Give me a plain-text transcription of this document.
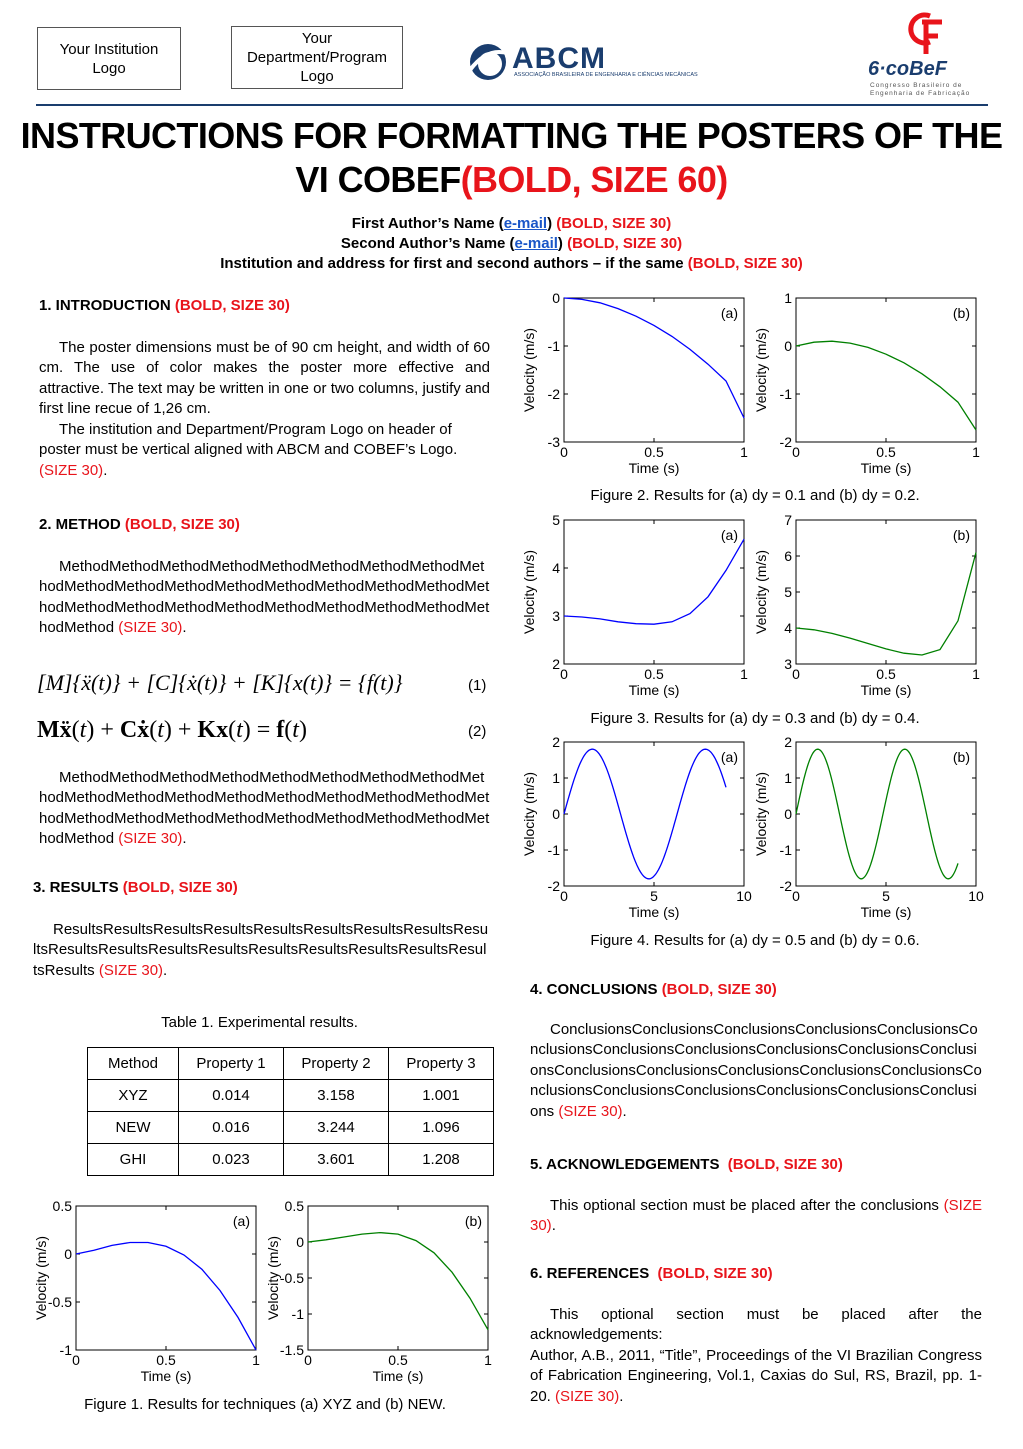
Your Institution Logo
Your Department/Program Logo
ABCM
ASSOCIAÇÃO BRASILEIRA DE ENGENHARIA E CIÊNCIAS MECÂNICAS	6·coBeF
Congresso Brasileiro de
Engenharia de Fabricação
INSTRUCTIONS FOR FORMATTING THE POSTERS OF THE
VI COBEF(BOLD, SIZE 60)
First Author’s Name (e-mail) (BOLD, SIZE 30)
Second Author’s Name (e-mail) (BOLD, SIZE 30)
Institution and address for first and second authors – if the same (BOLD, SIZE 30)
1. INTRODUCTION (BOLD, SIZE 30)
The poster dimensions must be of 90 cm height, and width of 60 cm. The use of color makes the poster more effective and attractive. The text may be written in one or two columns, justify and first line recue of 1,26 cm.
The institution and Department/Program Logo on header of poster must be vertical aligned with ABCM and COBEF’s Logo. (SIZE 30).
2. METHOD (BOLD, SIZE 30)
MethodMethodMethodMethodMethodMethodMethodMethodMethodMethodMethodMethodMethodMethodMethodMethodMethodMethodMethodMethodMethodMethodMethodMethodMethodMethodMethodMethod (SIZE 30).
[M]{ẍ(t)} + [C]{ẋ(t)} + [K]{x(t)} = {f(t)}	(1)
Mẍ(t) + Cẋ(t) + Kx(t) = f(t)	(2)
MethodMethodMethodMethodMethodMethodMethodMethodMethodMethodMethodMethodMethodMethodMethodMethodMethodMethodMethodMethodMethodMethodMethodMethodMethodMethodMethodMethod (SIZE 30).
3. RESULTS (BOLD, SIZE 30)
ResultsResultsResultsResultsResultsResultsResultsResultsResultsResultsResultsResultsResultsResultsResultsResultsResultsResultsResults (SIZE 30).
Table 1. Experimental results.
Method	Property 1	Property 2	Property 3
XYZ	0.014	3.158	1.001
NEW	0.016	3.244	1.096
GHI	0.023	3.601	1.208
0.5
0
-0.5
-1
0	0.5	1
Time (s)
Velocity (m/s)
(a)
0.5
0
-0.5
-1
-1.5
0	0.5	1
Time (s)
Velocity (m/s)
(b)
Figure 1. Results for techniques (a) XYZ and (b) NEW.
0
-1
-2
-3
0	0.5	1
Time (s)
Velocity (m/s)
(a)
1
0
-1
-2
0	0.5	1
Time (s)
Velocity (m/s)
(b)
Figure 2. Results for (a) dy = 0.1 and (b) dy = 0.2.
5
4
3
2
0	0.5	1
Time (s)
Velocity (m/s)
(a)
7
6
5
4
3
0	0.5	1
Time (s)
Velocity (m/s)
(b)
Figure 3. Results for (a) dy = 0.3 and (b) dy = 0.4.
2
1
0
-1
-2
0	5	10
Time (s)
Velocity (m/s)
(a)
2
1
0
-1
-2
0	5	10
Time (s)
Velocity (m/s)
(b)
Figure 4. Results for (a) dy = 0.5 and (b) dy = 0.6.
4. CONCLUSIONS (BOLD, SIZE 30)
ConclusionsConclusionsConclusionsConclusionsConclusionsConclusionsConclusionsConclusionsConclusionsConclusionsConclusionsConclusionsConclusionsConclusionsConclusionsConclusionsConclusionsConclusionsConclusionsConclusionsConclusionsConclusions (SIZE 30).
5. ACKNOWLEDGEMENTS (BOLD, SIZE 30)
This optional section must be placed after the conclusions (SIZE 30).
6. REFERENCES (BOLD, SIZE 30)
This optional section must be placed after the acknowledgements:
Author, A.B., 2011, “Title”, Proceedings of the VI Brazilian Congress of Fabrication Engineering, Vol.1, Caxias do Sul, RS, Brazil, pp. 1-20. (SIZE 30).
